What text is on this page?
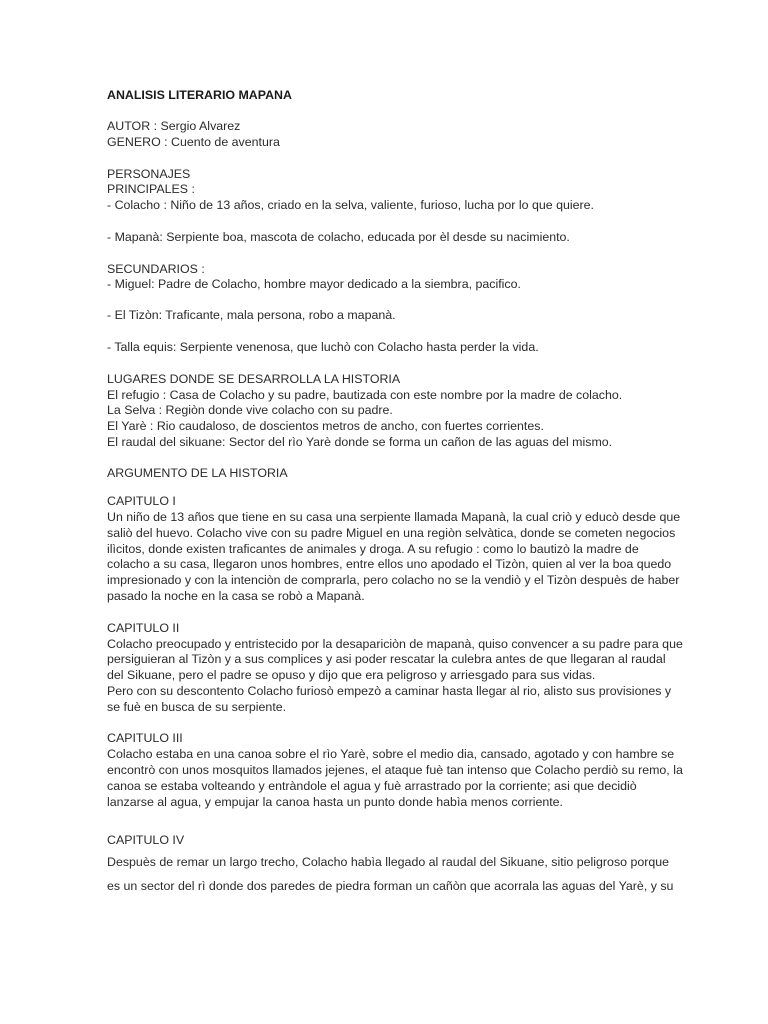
ANALISIS LITERARIO MAPANA
AUTOR : Sergio Alvarez
GENERO : Cuento de aventura
PERSONAJES
PRINCIPALES :
- Colacho : Niño de 13 años, criado en la selva, valiente, furioso, lucha por lo que quiere.
- Mapanà: Serpiente boa, mascota de colacho, educada por èl desde su nacimiento.
SECUNDARIOS :
- Miguel: Padre de Colacho, hombre mayor dedicado a la siembra, pacifico.
- El Tizòn: Traficante, mala persona, robo a mapanà.
- Talla equis: Serpiente venenosa, que luchò con Colacho hasta perder la vida.
LUGARES DONDE SE DESARROLLA LA HISTORIA
El refugio : Casa de Colacho y su padre, bautizada con este nombre por la madre de colacho.
La Selva : Regiòn donde vive colacho con su padre.
El Yarè : Rio caudaloso, de doscientos metros de ancho, con fuertes corrientes.
El raudal del sikuane: Sector del rìo Yarè donde se forma un cañon de las aguas del mismo.
ARGUMENTO DE LA HISTORIA
CAPITULO I
Un niño de 13 años que tiene en su casa una serpiente llamada Mapanà, la cual criò y educò desde que
saliò del huevo. Colacho vive con su padre Miguel en una regiòn selvàtica, donde se cometen negocios
ilìcitos, donde existen traficantes de animales y droga. A su refugio : como lo bautizò la madre de
colacho a su casa, llegaron unos hombres, entre ellos uno apodado el Tizòn, quien al ver la boa quedo
impresionado y con la intenciòn de comprarla, pero colacho no se la vendiò y el Tizòn despuès de haber
pasado la noche en la casa se robò a Mapanà.
CAPITULO II
Colacho preocupado y entristecido por la desapariciòn de mapanà, quiso convencer a su padre para que
persiguieran al Tizòn y a sus complices y asi poder rescatar la culebra antes de que llegaran al raudal
del Sikuane, pero el padre se opuso y dijo que era peligroso y arriesgado para sus vidas.
Pero con su descontento Colacho furiosò empezò a caminar hasta llegar al rio, alisto sus provisiones y
se fuè en busca de su serpiente.
CAPITULO III
Colacho estaba en una canoa sobre el rìo Yarè, sobre el medio dia, cansado, agotado y con hambre se
encontrò con unos mosquitos llamados jejenes, el ataque fuè tan intenso que Colacho perdiò su remo, la
canoa se estaba volteando y entràndole el agua y fuè arrastrado por la corriente; asi que decidiò
lanzarse al agua, y empujar la canoa hasta un punto donde habìa menos corriente.
CAPITULO IV
Despuès de remar un largo trecho, Colacho habìa llegado al raudal del Sikuane, sitio peligroso porque
es un sector del rì donde dos paredes de piedra forman un cañòn que acorrala las aguas del Yarè, y su
